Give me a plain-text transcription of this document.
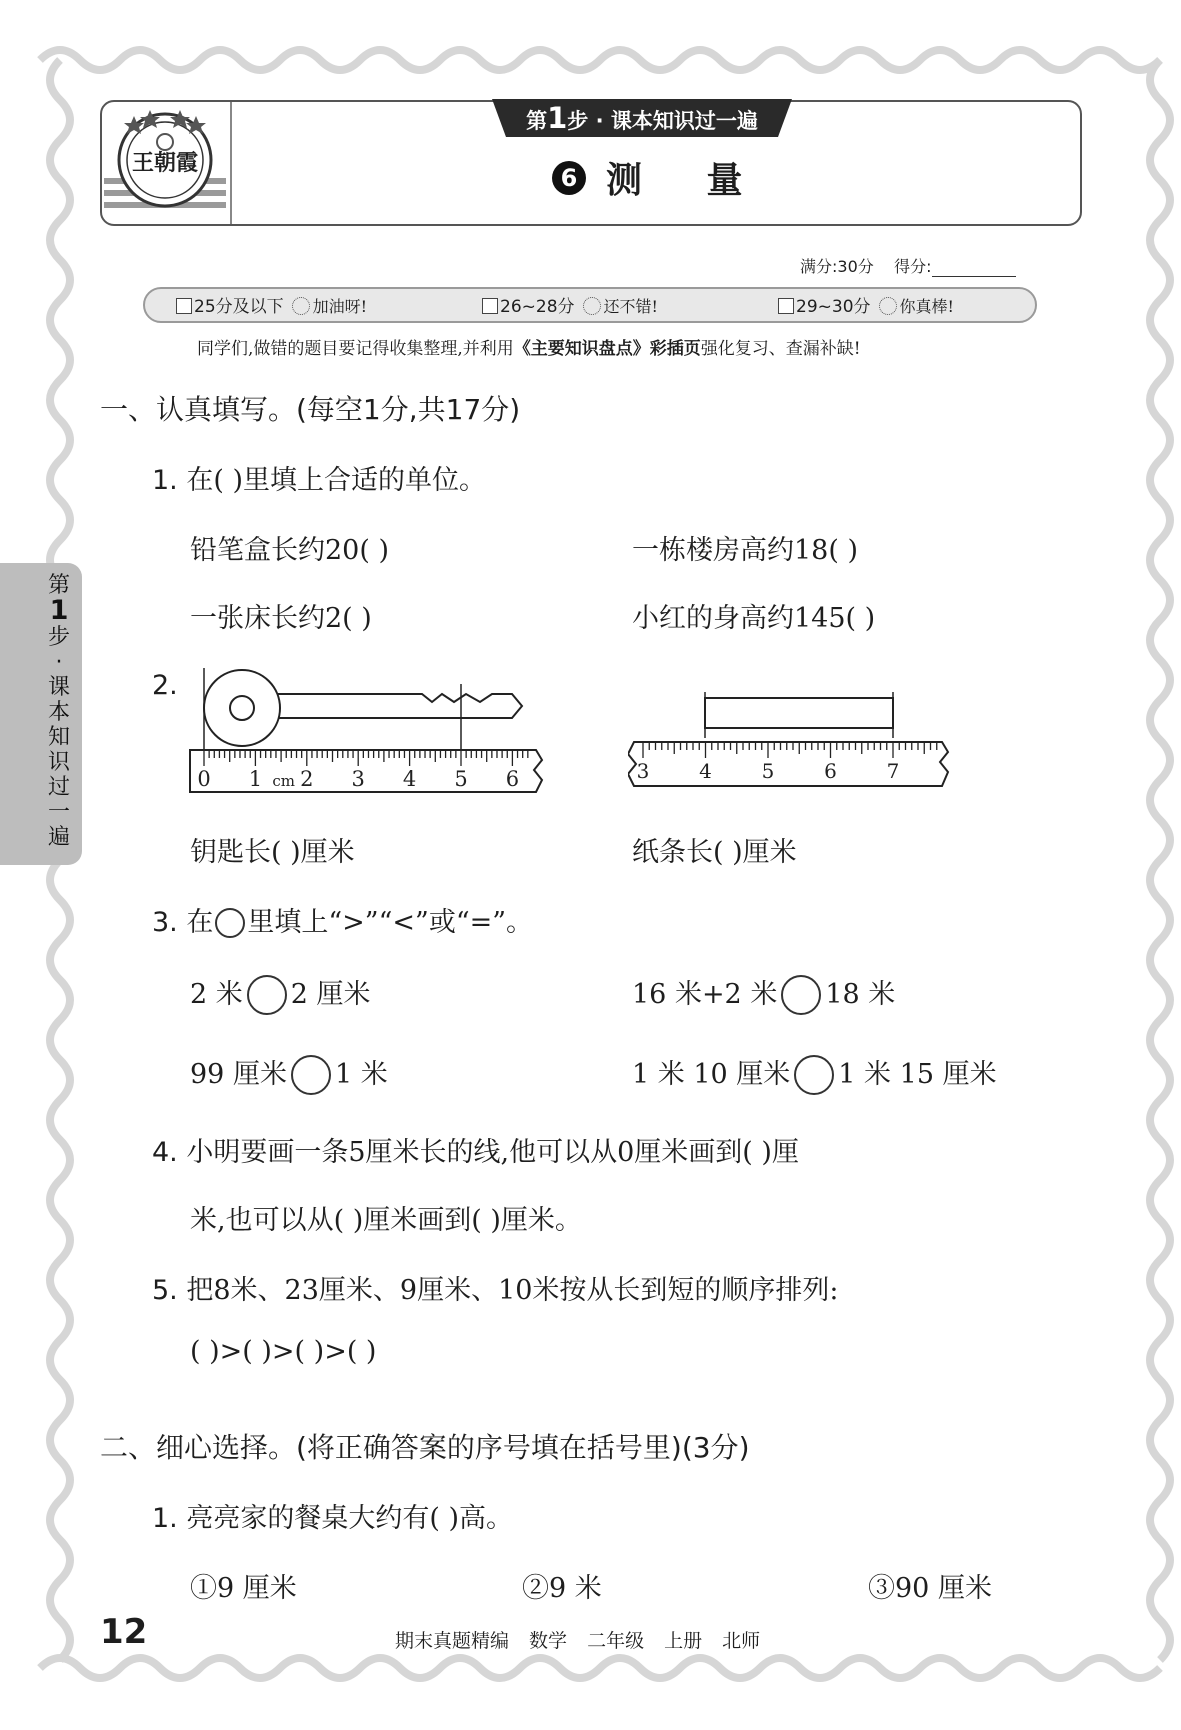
王朝霞
第1步 · 课本知识过一遍
6 测 量
满分:30分 得分:
25分及以下 加油呀!	26~28分 还不错!	29~30分 你真棒!
同学们,做错的题目要记得收集整理,并利用《主要知识盘点》彩插页强化复习、查漏补缺!
一、认真填写。(每空1分,共17分)
1. 在( )里填上合适的单位。
铅笔盒长约20( )	一栋楼房高约18( )
一张床长约2( )	小红的身高约145( )
2.
0 1 2 3 4 5 6
cm	3 4 5 6 7
钥匙长( )厘米	纸条长( )厘米
3. 在 里填上“>”“<”或“=”。
2 米 2 厘米	16 米+2 米 18 米
99 厘米 1 米	1 米 10 厘米 1 米 15 厘米
4. 小明要画一条5厘米长的线,他可以从0厘米画到( )厘
米,也可以从( )厘米画到( )厘米。
5. 把8米、23厘米、9厘米、10米按从长到短的顺序排列:
( )>( )>( )>( )
二、细心选择。(将正确答案的序号填在括号里)(3分)
1. 亮亮家的餐桌大约有( )高。
①9 厘米	②9 米	③90 厘米
第
1
步
·
课
本
知
识
过
一
遍
12	期末真题精编 数学 二年级 上册 北师
